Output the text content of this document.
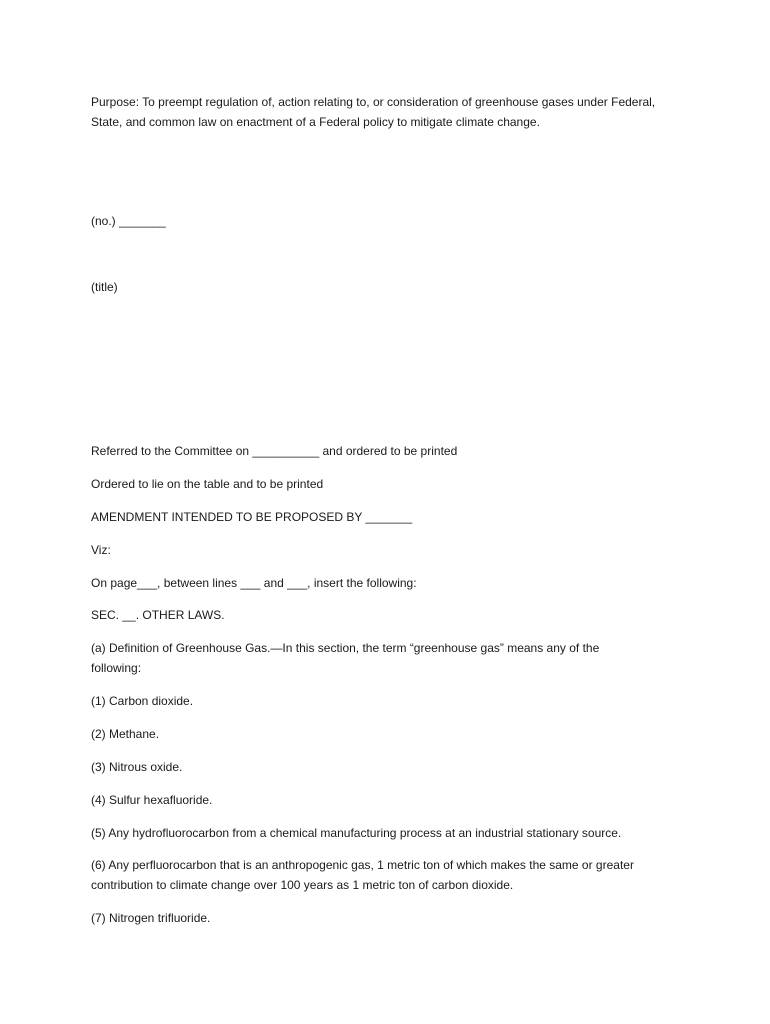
Purpose: To preempt regulation of, action relating to, or consideration of greenhouse gases under Federal, State, and common law on enactment of a Federal policy to mitigate climate change.

(no.) _______

(title)

Referred to the Committee on __________ and ordered to be printed

Ordered to lie on the table and to be printed

AMENDMENT INTENDED TO BE PROPOSED BY _______

Viz:

On page___, between lines ___ and ___, insert the following:

SEC. __. OTHER LAWS.

(a) Definition of Greenhouse Gas.—In this section, the term “greenhouse gas” means any of the following:

(1) Carbon dioxide.

(2) Methane.

(3) Nitrous oxide.

(4) Sulfur hexafluoride.

(5) Any hydrofluorocarbon from a chemical manufacturing process at an industrial stationary source.

(6) Any perfluorocarbon that is an anthropogenic gas, 1 metric ton of which makes the same or greater contribution to climate change over 100 years as 1 metric ton of carbon dioxide.

(7) Nitrogen trifluoride.
